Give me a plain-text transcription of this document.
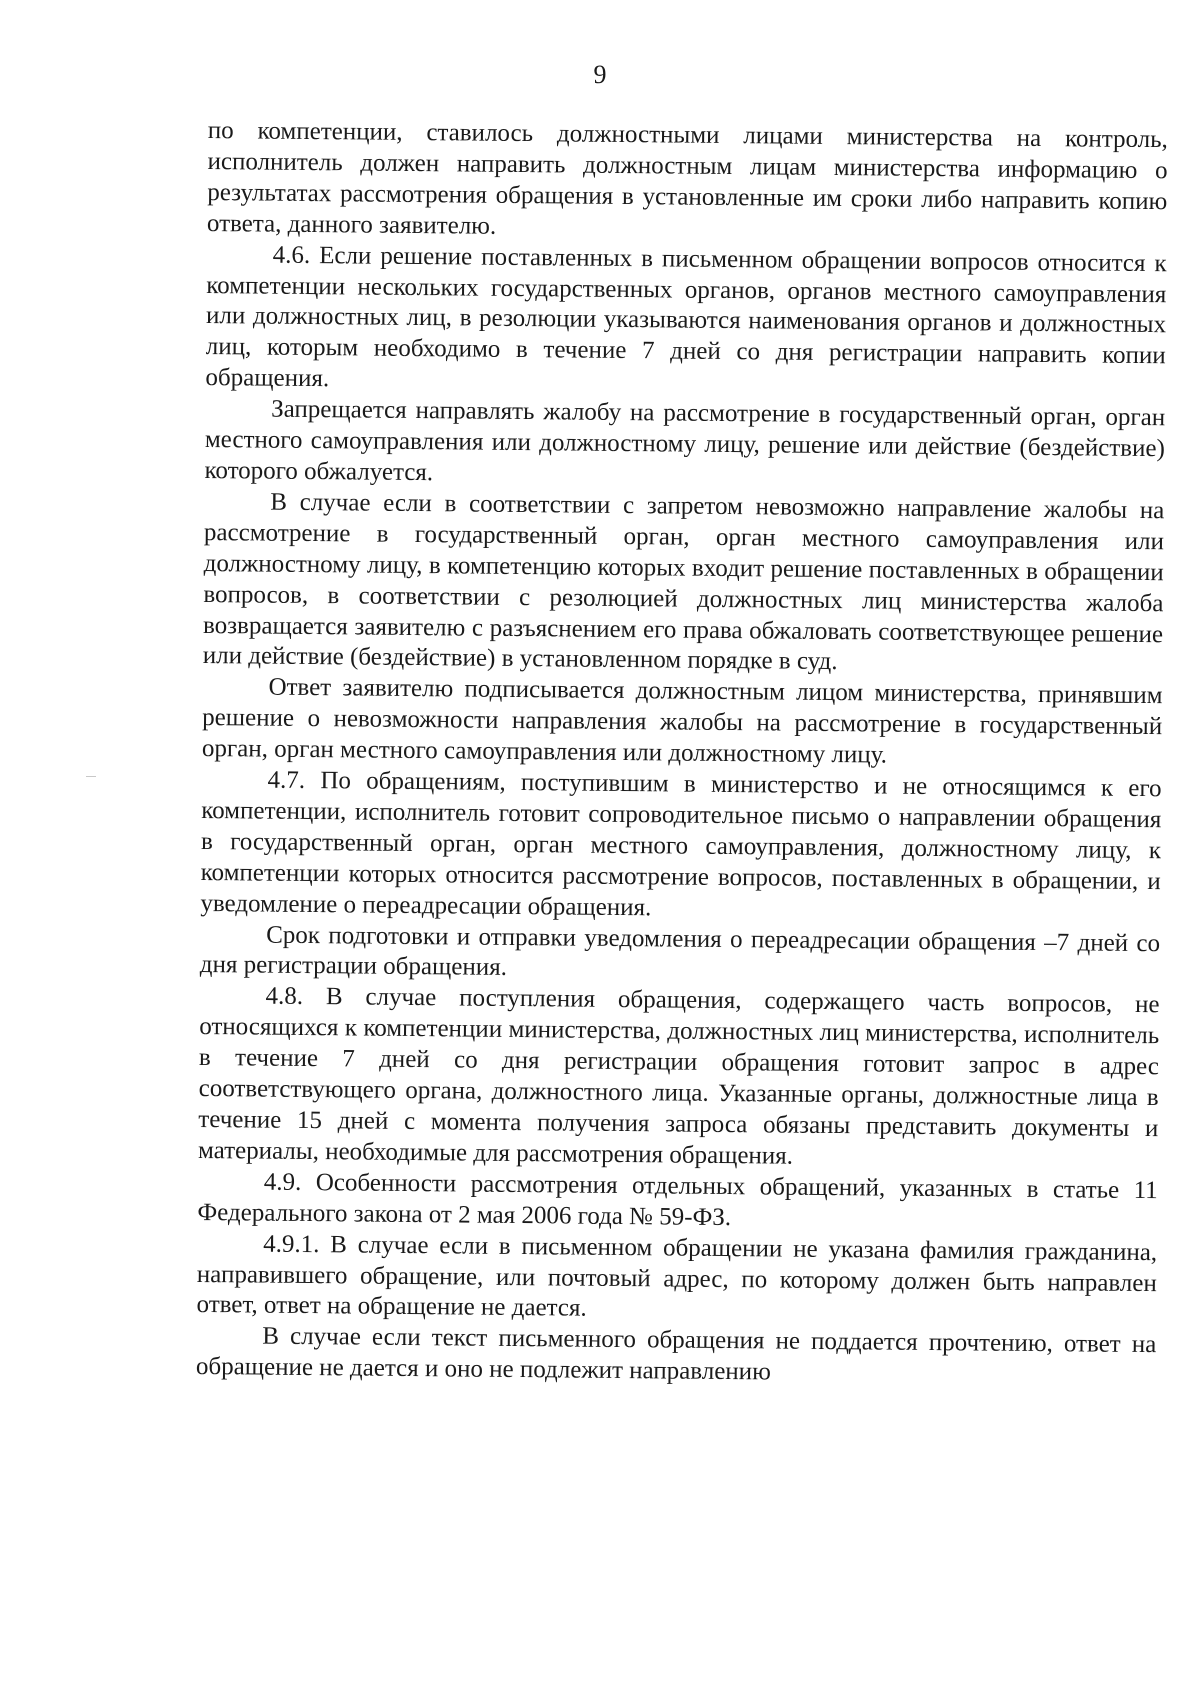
9

по компетенции, ставилось должностными лицами министерства на контроль, исполнитель должен направить должностным лицам министерства информацию о результатах рассмотрения обращения в установленные им сроки либо направить копию ответа, данного заявителю.

4.6. Если решение поставленных в письменном обращении вопросов относится к компетенции нескольких государственных органов, органов местного самоуправления или должностных лиц, в резолюции указываются наименования органов и должностных лиц, которым необходимо в течение 7 дней со дня регистрации направить копии обращения.

Запрещается направлять жалобу на рассмотрение в государственный орган, орган местного самоуправления или должностному лицу, решение или действие (бездействие) которого обжалуется.

В случае если в соответствии с запретом невозможно направление жалобы на рассмотрение в государственный орган, орган местного самоуправления или должностному лицу, в компетенцию которых входит решение поставленных в обращении вопросов, в соответствии с резолюцией должностных лиц министерства жалоба возвращается заявителю с разъяснением его права обжаловать соответствующее решение или действие (бездействие) в установленном порядке в суд.

Ответ заявителю подписывается должностным лицом министерства, принявшим решение о невозможности направления жалобы на рассмотрение в государственный орган, орган местного самоуправления или должностному лицу.

4.7. По обращениям, поступившим в министерство и не относящимся к его компетенции, исполнитель готовит сопроводительное письмо о направлении обращения в государственный орган, орган местного самоуправления, должностному лицу, к компетенции которых относится рассмотрение вопросов, поставленных в обращении, и уведомление о переадресации обращения.

Срок подготовки и отправки уведомления о переадресации обращения –7 дней со дня регистрации обращения.

4.8. В случае поступления обращения, содержащего часть вопросов, не относящихся к компетенции министерства, должностных лиц министерства, исполнитель в течение 7 дней со дня регистрации обращения готовит запрос в адрес соответствующего органа, должностного лица. Указанные органы, должностные лица в течение 15 дней с момента получения запроса обязаны представить документы и материалы, необходимые для рассмотрения обращения.

4.9. Особенности рассмотрения отдельных обращений, указанных в статье 11 Федерального закона от 2 мая 2006 года № 59-ФЗ.

4.9.1. В случае если в письменном обращении не указана фамилия гражданина, направившего обращение, или почтовый адрес, по которому должен быть направлен ответ, ответ на обращение не дается.

В случае если текст письменного обращения не поддается прочтению, ответ на обращение не дается и оно не подлежит направлению
